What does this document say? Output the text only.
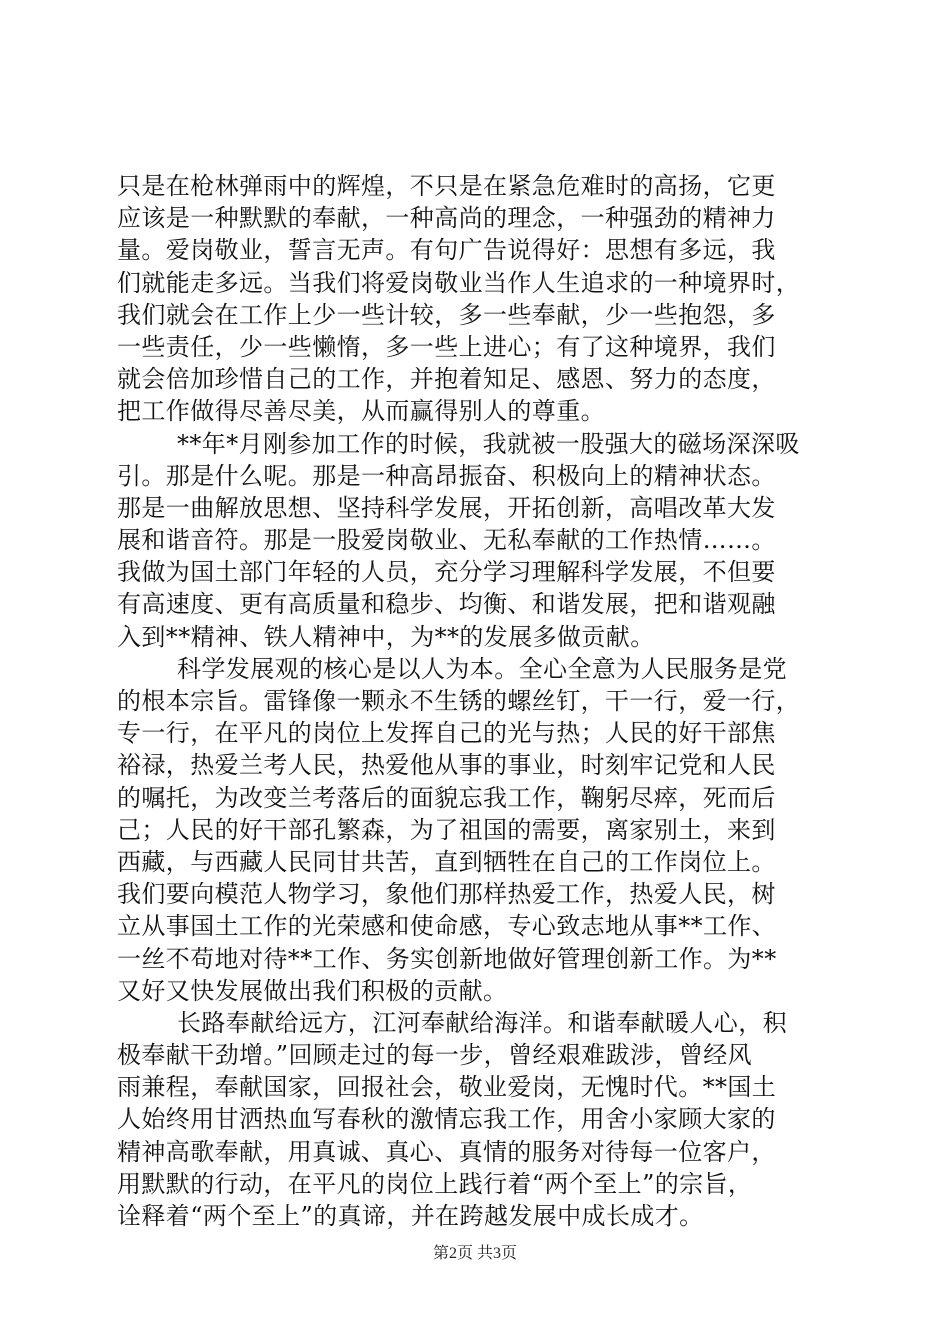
只是在枪林弹雨中的辉煌，不只是在紧急危难时的高扬，它更
应该是一种默默的奉献，一种高尚的理念，一种强劲的精神力
量。爱岗敬业，誓言无声。有句广告说得好：思想有多远，我
们就能走多远。当我们将爱岗敬业当作人生追求的一种境界时，
我们就会在工作上少一些计较，多一些奉献，少一些抱怨，多
一些责任，少一些懒惰，多一些上进心；有了这种境界，我们
就会倍加珍惜自己的工作，并抱着知足、感恩、努力的态度，
把工作做得尽善尽美，从而赢得别人的尊重。
**年*月刚参加工作的时候，我就被一股强大的磁场深深吸
引。那是什么呢。那是一种高昂振奋、积极向上的精神状态。
那是一曲解放思想、坚持科学发展，开拓创新，高唱改革大发
展和谐音符。那是一股爱岗敬业、无私奉献的工作热情……。
我做为国土部门年轻的人员，充分学习理解科学发展，不但要
有高速度、更有高质量和稳步、均衡、和谐发展，把和谐观融
入到**精神、铁人精神中，为**的发展多做贡献。
科学发展观的核心是以人为本。全心全意为人民服务是党
的根本宗旨。雷锋像一颗永不生锈的螺丝钉，干一行，爱一行，
专一行，在平凡的岗位上发挥自己的光与热；人民的好干部焦
裕禄，热爱兰考人民，热爱他从事的事业，时刻牢记党和人民
的嘱托，为改变兰考落后的面貌忘我工作，鞠躬尽瘁，死而后
己；人民的好干部孔繁森，为了祖国的需要，离家别土，来到
西藏，与西藏人民同甘共苦，直到牺牲在自己的工作岗位上。
我们要向模范人物学习，象他们那样热爱工作，热爱人民，树
立从事国土工作的光荣感和使命感，专心致志地从事**工作、
一丝不苟地对待**工作、务实创新地做好管理创新工作。为**
又好又快发展做出我们积极的贡献。
长路奉献给远方，江河奉献给海洋。和谐奉献暖人心，积
极奉献干劲增。”回顾走过的每一步，曾经艰难跋涉，曾经风
雨兼程，奉献国家，回报社会，敬业爱岗，无愧时代。**国土
人始终用甘洒热血写春秋的激情忘我工作，用舍小家顾大家的
精神高歌奉献，用真诚、真心、真情的服务对待每一位客户，
用默默的行动，在平凡的岗位上践行着“两个至上”的宗旨，
诠释着“两个至上”的真谛，并在跨越发展中成长成才。
第2页 共3页
